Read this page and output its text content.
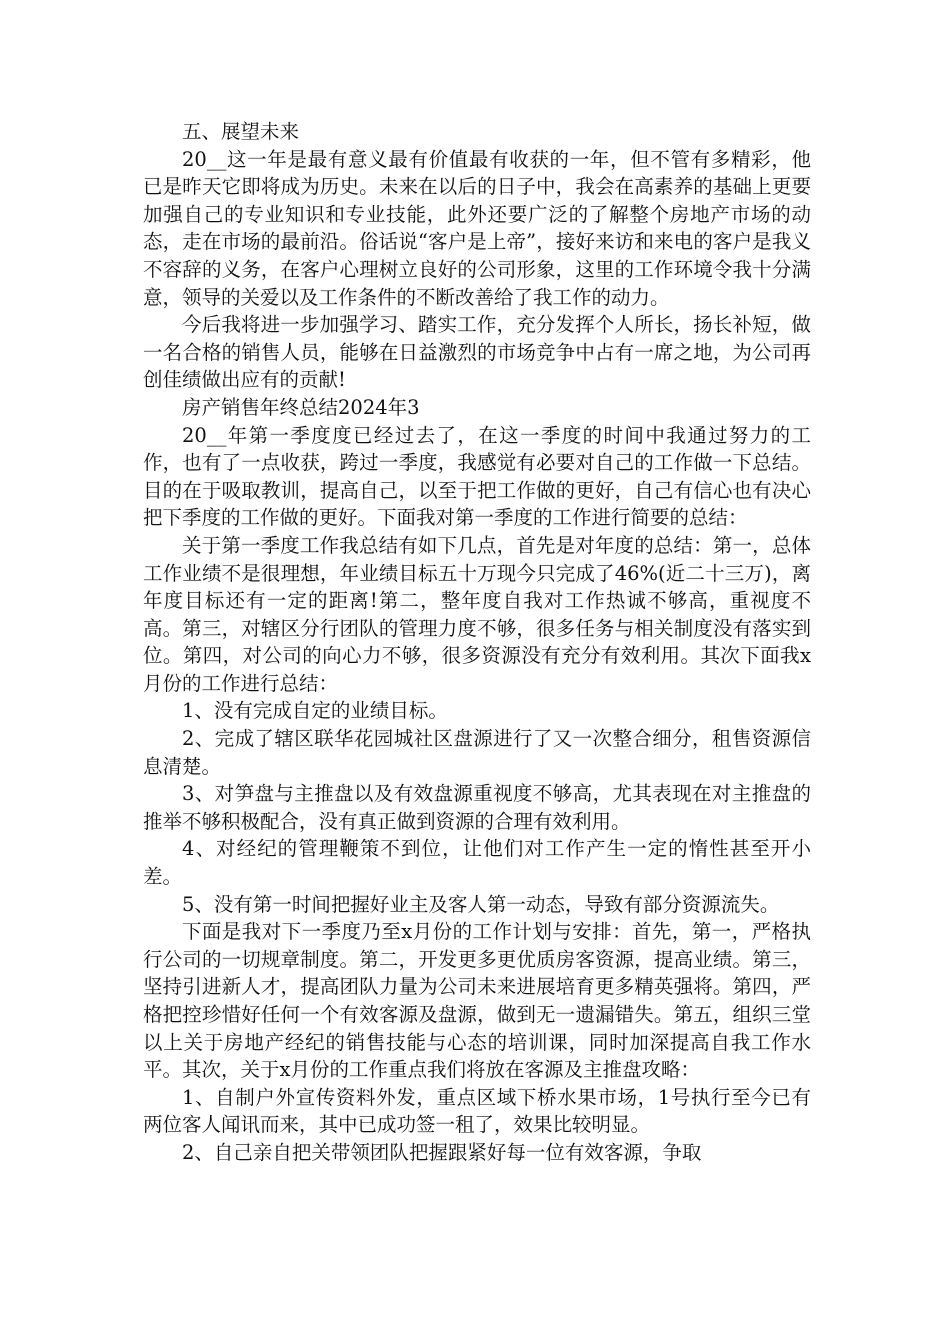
五、展望未来

20__这一年是最有意义最有价值最有收获的一年，但不管有多精彩，他已是昨天它即将成为历史。未来在以后的日子中，我会在高素养的基础上更要加强自己的专业知识和专业技能，此外还要广泛的了解整个房地产市场的动态，走在市场的最前沿。俗话说“客户是上帝”，接好来访和来电的客户是我义不容辞的义务，在客户心理树立良好的公司形象，这里的工作环境令我十分满意，领导的关爱以及工作条件的不断改善给了我工作的动力。

今后我将进一步加强学习、踏实工作，充分发挥个人所长，扬长补短，做一名合格的销售人员，能够在日益激烈的市场竞争中占有一席之地，为公司再创佳绩做出应有的贡献!

房产销售年终总结2024年3

20__年第一季度度已经过去了，在这一季度的时间中我通过努力的工作，也有了一点收获，跨过一季度，我感觉有必要对自己的工作做一下总结。目的在于吸取教训，提高自己，以至于把工作做的更好，自己有信心也有决心把下季度的工作做的更好。下面我对第一季度的工作进行简要的总结：

关于第一季度工作我总结有如下几点，首先是对年度的总结：第一，总体工作业绩不是很理想，年业绩目标五十万现今只完成了46%(近二十三万)，离年度目标还有一定的距离!第二，整年度自我对工作热诚不够高，重视度不高。第三，对辖区分行团队的管理力度不够，很多任务与相关制度没有落实到位。第四，对公司的向心力不够，很多资源没有充分有效利用。其次下面我x月份的工作进行总结：

1、没有完成自定的业绩目标。

2、完成了辖区联华花园城社区盘源进行了又一次整合细分，租售资源信息清楚。

3、对笋盘与主推盘以及有效盘源重视度不够高，尤其表现在对主推盘的推举不够积极配合，没有真正做到资源的合理有效利用。

4、对经纪的管理鞭策不到位，让他们对工作产生一定的惰性甚至开小差。

5、没有第一时间把握好业主及客人第一动态，导致有部分资源流失。

下面是我对下一季度乃至x月份的工作计划与安排：首先，第一，严格执行公司的一切规章制度。第二，开发更多更优质房客资源，提高业绩。第三，坚持引进新人才，提高团队力量为公司未来进展培育更多精英强将。第四，严格把控珍惜好任何一个有效客源及盘源，做到无一遗漏错失。第五，组织三堂以上关于房地产经纪的销售技能与心态的培训课，同时加深提高自我工作水平。其次，关于x月份的工作重点我们将放在客源及主推盘攻略：

1、自制户外宣传资料外发，重点区域下桥水果市场，1号执行至今已有两位客人闻讯而来，其中已成功签一租了，效果比较明显。

2、自己亲自把关带领团队把握跟紧好每一位有效客源，争取
